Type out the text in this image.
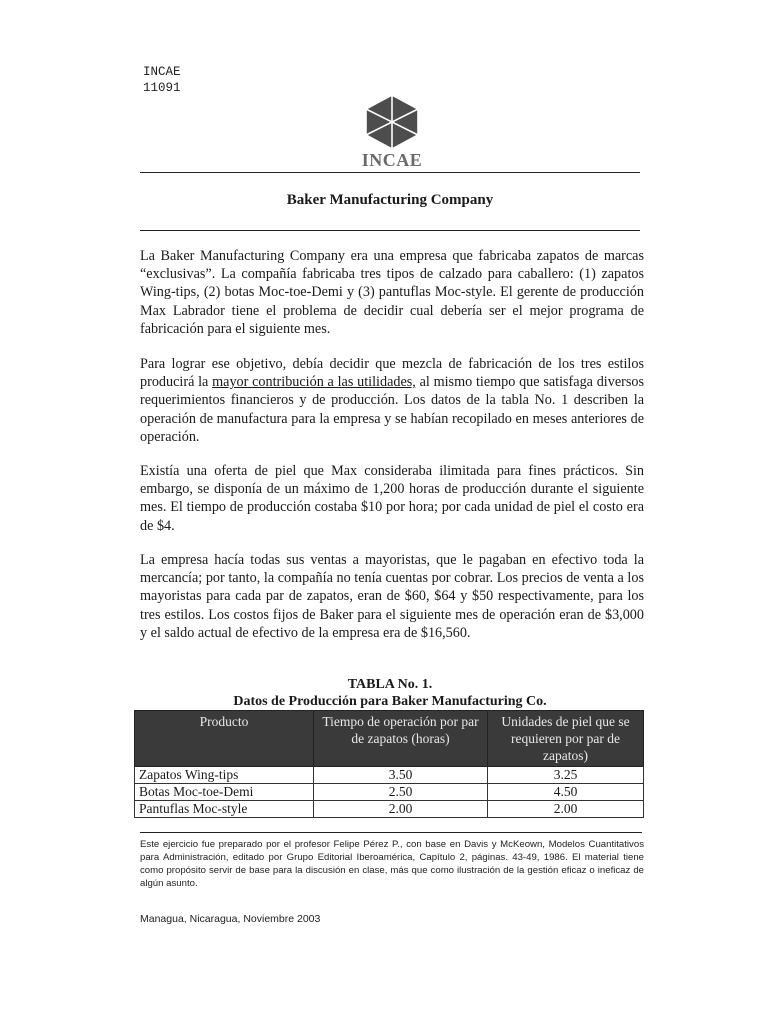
INCAE
11091
INCAE
Baker Manufacturing Company

La Baker Manufacturing Company era una empresa que fabricaba zapatos de marcas “exclusivas”. La compañía fabricaba tres tipos de calzado para caballero: (1) zapatos Wing-tips, (2) botas Moc-toe-Demi y (3) pantuflas Moc-style. El gerente de producción Max Labrador tiene el problema de decidir cual debería ser el mejor programa de fabricación para el siguiente mes.

Para lograr ese objetivo, debía decidir que mezcla de fabricación de los tres estilos producirá la mayor contribución a las utilidades, al mismo tiempo que satisfaga diversos requerimientos financieros y de producción. Los datos de la tabla No. 1 describen la operación de manufactura para la empresa y se habían recopilado en meses anteriores de operación.

Existía una oferta de piel que Max consideraba ilimitada para fines prácticos. Sin embargo, se disponía de un máximo de 1,200 horas de producción durante el siguiente mes. El tiempo de producción costaba $10 por hora; por cada unidad de piel el costo era de $4.

La empresa hacía todas sus ventas a mayoristas, que le pagaban en efectivo toda la mercancía; por tanto, la compañía no tenía cuentas por cobrar. Los precios de venta a los mayoristas para cada par de zapatos, eran de $60, $64 y $50 respectivamente, para los tres estilos. Los costos fijos de Baker para el siguiente mes de operación eran de $3,000 y el saldo actual de efectivo de la empresa era de $16,560.

TABLA No. 1.
Datos de Producción para Baker Manufacturing Co.
Producto	Tiempo de operación por par de zapatos (horas)	Unidades de piel que se requieren por par de zapatos)
Zapatos Wing-tips	3.50	3.25
Botas Moc-toe-Demi	2.50	4.50
Pantuflas Moc-style	2.00	2.00
Este ejercicio fue preparado por el profesor Felipe Pérez P., con base en Davis y McKeown, Modelos Cuantitativos para Administración, editado por Grupo Editorial Iberoamérica, Capítulo 2, páginas. 43-49, 1986. El material tiene como propósito servir de base para la discusión en clase, más que como ilustración de la gestión eficaz o ineficaz de algún asunto.
Managua, Nicaragua, Noviembre 2003
